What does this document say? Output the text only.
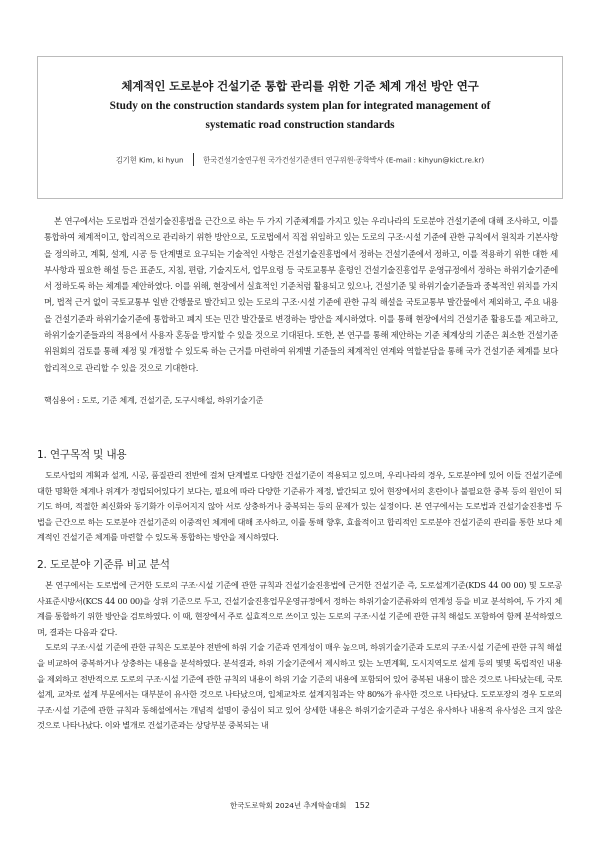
체계적인 도로분야 건설기준 통합 관리를 위한 기준 체계 개선 방안 연구
Study on the construction standards system plan for integrated management of
systematic road construction standards
김기현 Kim, ki hyun	한국건설기술연구원 국가건설기준센터 연구위원·공학박사 (E-mail : kihyun@kict.re.kr)

본 연구에서는 도로법과 건설기술진흥법을 근간으로 하는 두 가지 기준체계를 가지고 있는 우리나라의 도로분야 건설기준에 대해 조사하고, 이를 통합하여 체계적이고, 합리적으로 관리하기 위한 방안으로, 도로법에서 직접 위임하고 있는 도로의 구조·시설 기준에 관한 규칙에서 원칙과 기본사항을 정의하고, 계획, 설계, 시공 등 단계별로 요구되는 기술적인 사항은 건설기술진흥법에서 정하는 건설기준에서 정하고, 이를 적용하기 위한 대한 세부사항과 필요한 해설 등은 표준도, 지침, 편람, 기술지도서, 업무요령 등 국토교통부 훈령인 건설기술진흥업무 운영규정에서 정하는 하위기술기준에서 정하도록 하는 체계를 제안하였다. 이를 위해, 현장에서 실효적인 기준처럼 활용되고 있으나, 건설기준 및 하위기술기준들과 중복적인 위치를 가지며, 법적 근거 없이 국토교통부 일반 간행물로 발간되고 있는 도로의 구조·시설 기준에 관한 규칙 해설을 국토교통부 발간물에서 제외하고, 주요 내용을 건설기준과 하위기술기준에 통합하고 폐지 또는 민간 발간물로 변경하는 방안을 제시하였다. 이를 통해 현장에서의 건설기준 활용도를 제고하고, 하위기술기준들과의 적용에서 사용자 혼동을 방지할 수 있을 것으로 기대된다. 또한, 본 연구를 통해 제안하는 기준 체계상의 기준은 최소한 건설기준위원회의 검토를 통해 제정 및 개정할 수 있도록 하는 근거를 마련하여 위계별 기준들의 체계적인 연계와 역할분담을 통해 국가 건설기준 체계를 보다 합리적으로 관리할 수 있을 것으로 기대한다.

핵심용어 : 도로, 기준 체계, 건설기준, 도구시해설, 하위기술기준
1. 연구목적 및 내용

도로사업의 계획과 설계, 시공, 품질관리 전반에 걸쳐 단계별로 다양한 건설기준이 적용되고 있으며, 우리나라의 경우, 도로분야에 있어 이들 건설기준에 대한 명확한 체계나 위계가 정립되어있다기 보다는, 필요에 따라 다양한 기준류가 제정, 발간되고 있어 현장에서의 혼란이나 불필요한 중복 등의 원인이 되기도 하며, 적절한 최신화와 동기화가 이루어지지 않아 서로 상충하거나 중복되는 등의 문제가 있는 실정이다. 본 연구에서는 도로법과 건설기술진흥법 두 법을 근간으로 하는 도로분야 건설기준의 이중적인 체계에 대해 조사하고, 이를 통해 향후, 효율적이고 합리적인 도로분야 건설기준의 관리를 통한 보다 체계적인 건설기준 체계를 마련할 수 있도록 통합하는 방안을 제시하였다.

2. 도로분야 기준류 비교 분석

본 연구에서는 도로법에 근거한 도로의 구조·시설 기준에 관한 규칙과 건설기술진흥법에 근거한 건설기준 즉, 도로설계기준(KDS 44 00 00) 및 도로공사표준시방서(KCS 44 00 00)을 상위 기준으로 두고, 건설기술진흥업무운영규정에서 정하는 하위기술기준류와의 연계성 등을 비교 분석하여, 두 가지 체계를 통합하기 위한 방안을 검토하였다. 이 때, 현장에서 주로 실효적으로 쓰이고 있는 도로의 구조·시설 기준에 관한 규칙 해설도 포함하여 함께 분석하였으며, 결과는 다음과 같다.

도로의 구조·시설 기준에 관한 규칙은 도로분야 전반에 하위 기술 기준과 연계성이 매우 높으며, 하위기술기준과 도로의 구조·시설 기준에 관한 규칙 해설을 비교하여 중복하거나 상충하는 내용을 분석하였다. 분석결과, 하위 기술기준에서 제시하고 있는 노면계획, 도시지역도로 설계 등의 몇몇 독립적인 내용을 제외하고 전반적으로 도로의 구조·시설 기준에 관한 규칙의 내용이 하위 기술 기준의 내용에 포함되어 있어 중복된 내용이 많은 것으로 나타났는데, 국토설계, 교차로 설계 부문에서는 대부분이 유사한 것으로 나타났으며, 입체교차로 설계지침과는 약 80%가 유사한 것으로 나타났다. 도로포장의 경우 도로의 구조·시설 기준에 관한 규칙과 동해설에서는 개념적 설명이 중심이 되고 있어 상세한 내용은 하위기술기준과 구성은 유사하나 내용적 유사성은 크지 않은 것으로 나타나났다. 이와 별개로 건설기준과는 상당부분 중복되는 내

한국도로학회 2024년 추계학술대회 152
